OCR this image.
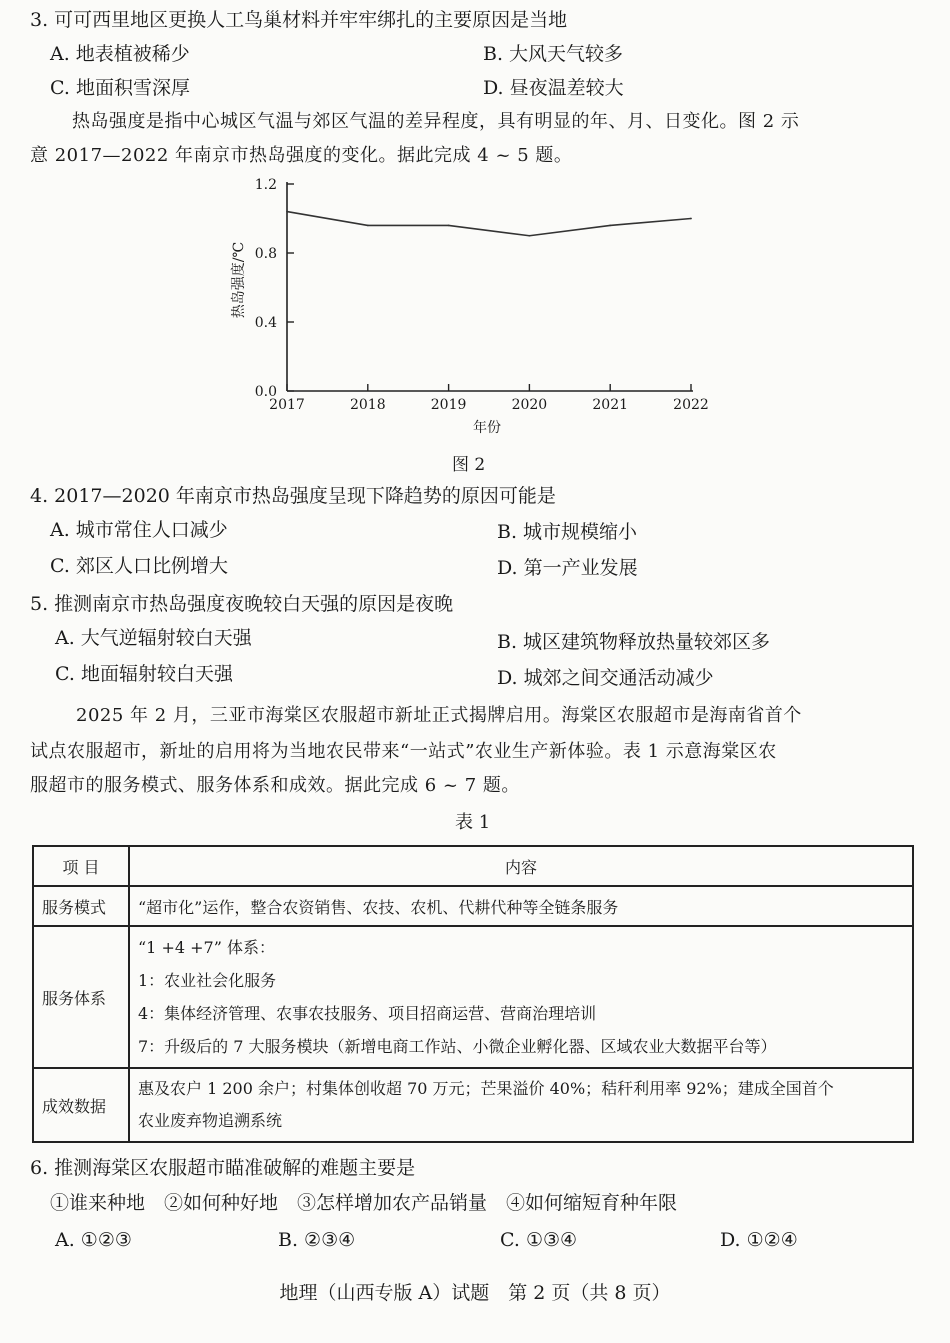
3. 可可西里地区更换人工鸟巢材料并牢牢绑扎的主要原因是当地
A. 地表植被稀少	B. 大风天气较多
C. 地面积雪深厚	D. 昼夜温差较大
热岛强度是指中心城区气温与郊区气温的差异程度，具有明显的年、月、日变化。图 2 示
意 2017—2022 年南京市热岛强度的变化。据此完成 4 ~ 5 题。
0.0
0.4
0.8
1.2
2017	2018	2019	2020	2021	2022
热岛强度/℃
年份
图 2
4. 2017—2020 年南京市热岛强度呈现下降趋势的原因可能是
A. 城市常住人口减少	B. 城市规模缩小
C. 郊区人口比例增大	D. 第一产业发展
5. 推测南京市热岛强度夜晚较白天强的原因是夜晚
A. 大气逆辐射较白天强	B. 城区建筑物释放热量较郊区多
C. 地面辐射较白天强	D. 城郊之间交通活动减少
2025 年 2 月，三亚市海棠区农服超市新址正式揭牌启用。海棠区农服超市是海南省首个
试点农服超市，新址的启用将为当地农民带来“一站式”农业生产新体验。表 1 示意海棠区农
服超市的服务模式、服务体系和成效。据此完成 6 ~ 7 题。
表 1
项 目	内容
服务模式	“超市化”运作，整合农资销售、农技、农机、代耕代种等全链条服务
服务体系	“1 +4 +7” 体系：
1：农业社会化服务
4：集体经济管理、农事农技服务、项目招商运营、营商治理培训
7：升级后的 7 大服务模块（新增电商工作站、小微企业孵化器、区域农业大数据平台等）

成效数据	惠及农户 1 200 余户；村集体创收超 70 万元；芒果溢价 40%；秸秆利用率 92%；建成全国首个
农业废弃物追溯系统
6. 推测海棠区农服超市瞄准破解的难题主要是
①谁来种地　②如何种好地　③怎样增加农产品销量　④如何缩短育种年限
A. ①②③	B. ②③④	C. ①③④	D. ①②④
地理（山西专版 A）试题　第 2 页（共 8 页）
